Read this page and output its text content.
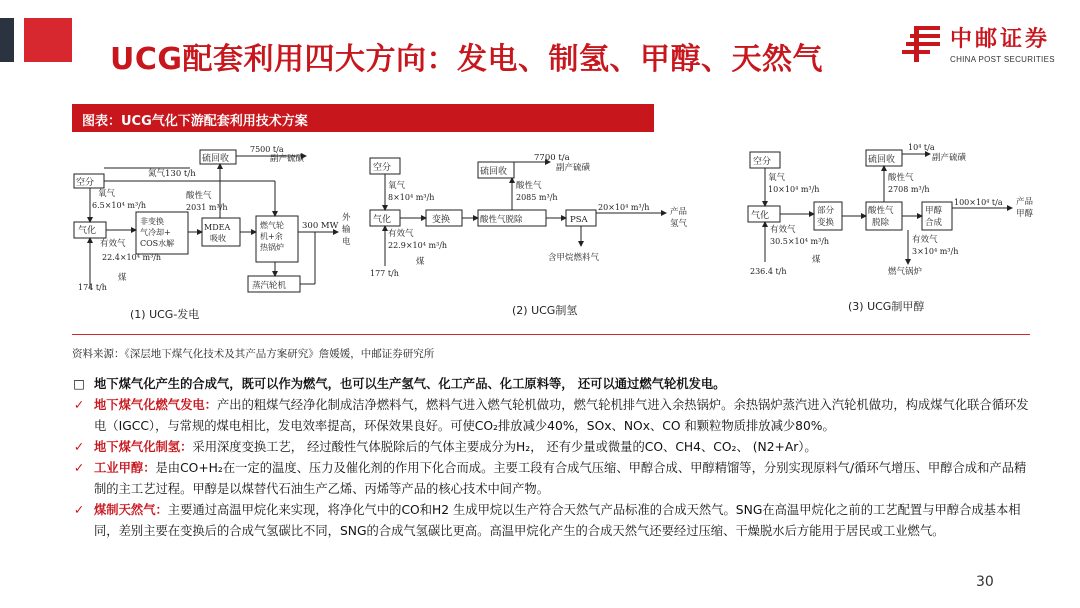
UCG配套利用四大方向：发电、制氢、甲醇、天然气
中邮证券
CHINA POST SECURITIES
图表：UCG气化下游配套利用技术方案
空分
硫回收
7500 t/a
副产硫磺
氮气130 t/h
氧气
6.5×10⁴ m³/h
酸性气
2031 m³/h
气化
非变换
气冷却+
COS水解
MDEA
吸收
燃气轮
机+余
热锅炉
300 MW
外
输
电
有效气
22.4×10⁴ m³/h
煤
174 t/h	蒸汽轮机
空分	硫回收
7700 t/a
副产硫磺
氧气
8×10⁴ m³/h
酸性气
2085 m³/h
气化	变换	酸性气脱除	PSA
20×10⁴ m³/h 产品
氢气
有效气
22.9×10⁴ m³/h
煤
177 t/h
含甲烷燃料气
空分	硫回收
10⁴ t/a
副产硫磺
氧气
10×10⁴ m³/h
酸性气
2708 m³/h
气化	部分
变换
酸性气
脱除
甲醇
合成
100×10⁴ t/a 产品
甲醇
有效气
30.5×10⁴ m³/h	有效气
3×10⁴ m³/h
煤
236.4 t/h	燃气锅炉
(1) UCG-发电	(2) UCG制氢	(3) UCG制甲醇
资料来源：《深层地下煤气化技术及其产品方案研究》詹媛媛，中邮证券研究所
□ 地下煤气化产生的合成气，既可以作为燃气，也可以生产氢气、化工产品、化工原料等， 还可以通过燃气轮机发电。
✓ 地下煤气化燃气发电：产出的粗煤气经净化制成洁净燃料气，燃料气进入燃气轮机做功，燃气轮机排气进入余热锅炉。余热锅炉蒸汽进入汽轮机做功，构成煤气化联合循环发电（IGCC），与常规的煤电相比，发电效率提高，环保效果良好。可使CO₂排放减少40%，SOx、NOx、CO 和颗粒物质排放减少80%。
✓ 地下煤气化制氢：采用深度变换工艺， 经过酸性气体脱除后的气体主要成分为H₂， 还有少量或微量的CO、CH4、CO₂、 (N2+Ar）。
✓ 工业甲醇：是由CO+H₂在一定的温度、压力及催化剂的作用下化合而成。主要工段有合成气压缩、甲醇合成、甲醇精馏等，分别实现原料气/循环气增压、甲醇合成和产品精制的主工艺过程。甲醇是以煤替代石油生产乙烯、丙烯等产品的核心技术中间产物。
✓ 煤制天然气：主要通过高温甲烷化来实现，将净化气中的CO和H2 生成甲烷以生产符合天然气产品标准的合成天然气。SNG在高温甲烷化之前的工艺配置与甲醇合成基本相同，差别主要在变换后的合成气氢碳比不同，SNG的合成气氢碳比更高。高温甲烷化产生的合成天然气还要经过压缩、干燥脱水后方能用于居民或工业燃气。
30
